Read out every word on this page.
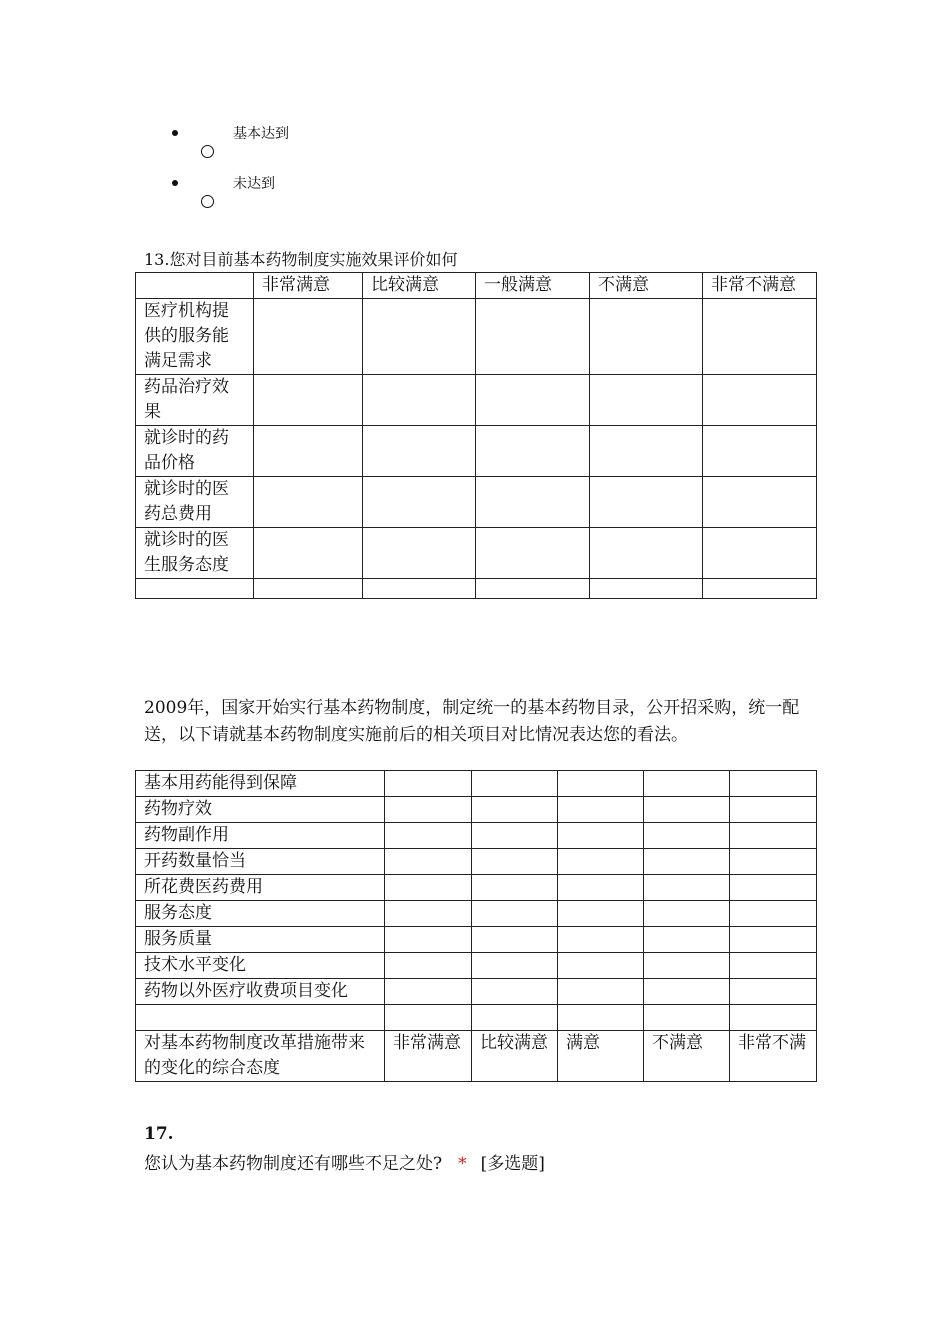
基本达到
未达到
13.您对目前基本药物制度实施效果评价如何
	非常满意	比较满意	一般满意	不满意	非常不满意
医疗机构提供的服务能满足需求					
药品治疗效果					
就诊时的药品价格					
就诊时的医药总费用					
就诊时的医生服务态度					

2009年，国家开始实行基本药物制度，制定统一的基本药物目录，公开招采购，统一配送，以下请就基本药物制度实施前后的相关项目对比情况表达您的看法。
基本用药能得到保障					
药物疗效					
药物副作用					
开药数量恰当					
所花费医药费用					
服务态度					
服务质量					
技术水平变化					
药物以外医疗收费项目变化					

对基本药物制度改革措施带来的变化的综合态度	非常满意	比较满意	满意	不满意	非常不满
17.
您认为基本药物制度还有哪些不足之处? * [多选题]
